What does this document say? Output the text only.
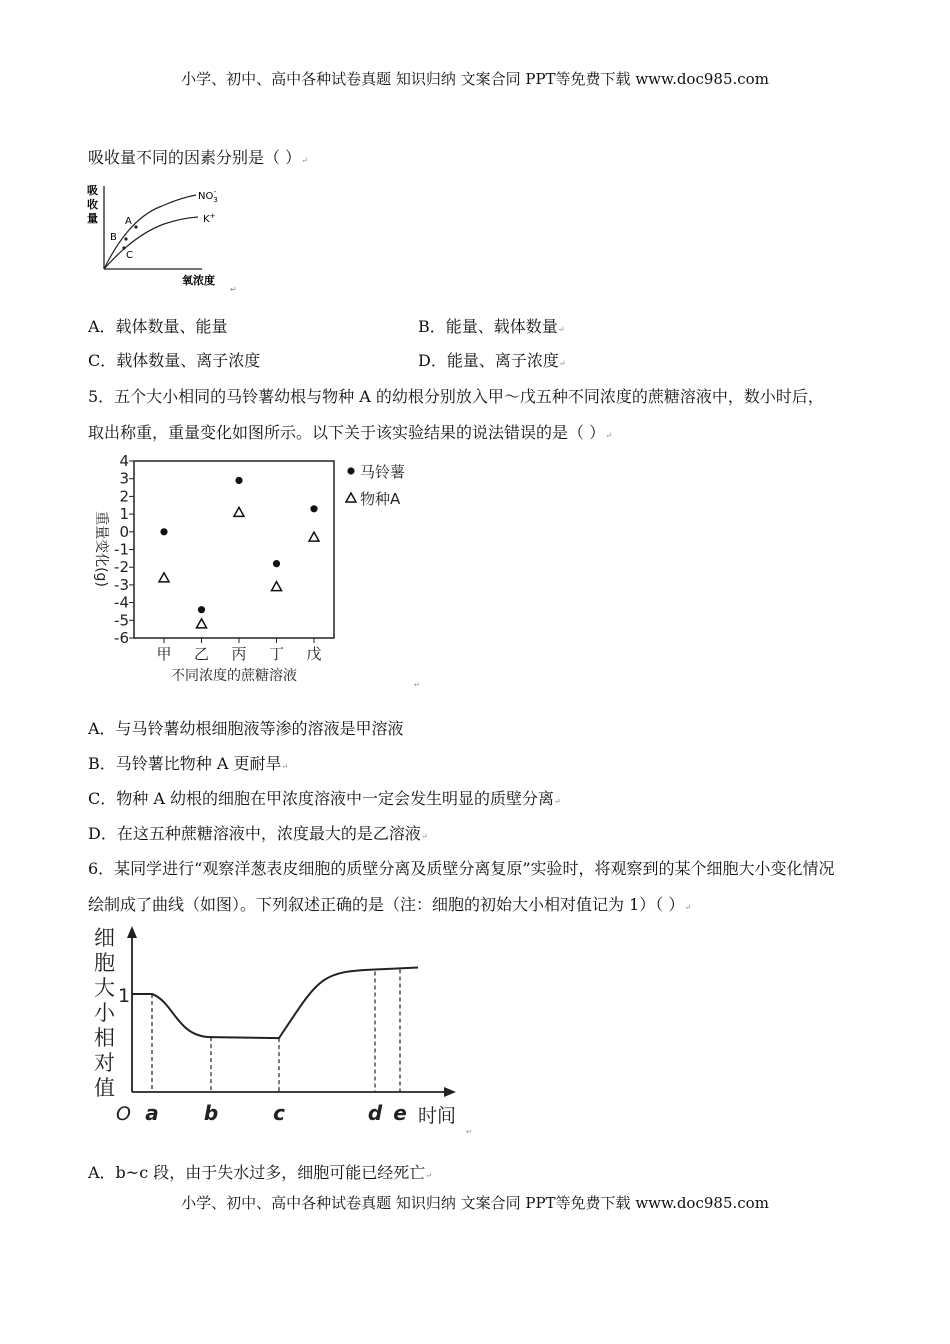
小学、初中、高中各种试卷真题 知识归纳 文案合同 PPT等免费下载 www.doc985.com
小学、初中、高中各种试卷真题 知识归纳 文案合同 PPT等免费下载 www.doc985.com
吸收量不同的因素分别是（ ）↵
吸
收
量	A
B
C
$NO_3-$
K+
氧浓度
↵
A．载体数量、能量	B．能量、载体数量↵
C．载体数量、离子浓度	D．能量、离子浓度↵
5．五个大小相同的马铃薯幼根与物种 A 的幼根分别放入甲～戊五种不同浓度的蔗糖溶液中，数小时后，
取出称重，重量变化如图所示。以下关于该实验结果的说法错误的是（ ）↵
重量变化(g)
不同浓度的蔗糖溶液
4
3
2
1
0
-1
-2
-3
-4
-5
-6
甲 乙 丙 丁 戊
马铃薯
物种A
↵
A．与马铃薯幼根细胞液等渗的溶液是甲溶液
B．马铃薯比物种 A 更耐旱↵
C．物种 A 幼根的细胞在甲浓度溶液中一定会发生明显的质壁分离↵
D．在这五种蔗糖溶液中，浓度最大的是乙溶液↵
6．某同学进行“观察洋葱表皮细胞的质壁分离及质壁分离复原”实验时，将观察到的某个细胞大小变化情况
绘制成了曲线（如图）。下列叙述正确的是（注：细胞的初始大小相对值记为 1）（ ）↵
细
胞
大
小
相
对
值
O
1
时间
a b	c	d e
↵
A．b~c 段，由于失水过多，细胞可能已经死亡↵
